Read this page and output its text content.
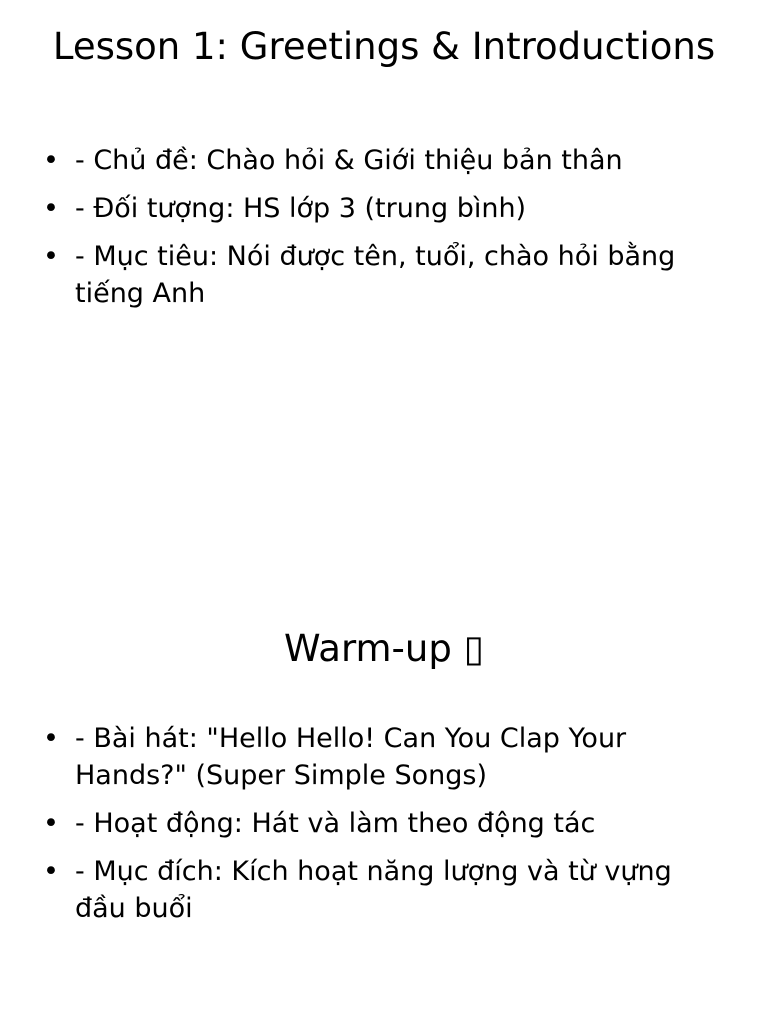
Lesson 1: Greetings & Introductions
• - Chủ đề: Chào hỏi & Giới thiệu bản thân
• - Đối tượng: HS lớp 3 (trung bình)
• - Mục tiêu: Nói được tên, tuổi, chào hỏi bằng tiếng Anh
Warm-up ▯
• - Bài hát: "Hello Hello! Can You Clap Your Hands?" (Super Simple Songs)
• - Hoạt động: Hát và làm theo động tác
• - Mục đích: Kích hoạt năng lượng và từ vựng đầu buổi
